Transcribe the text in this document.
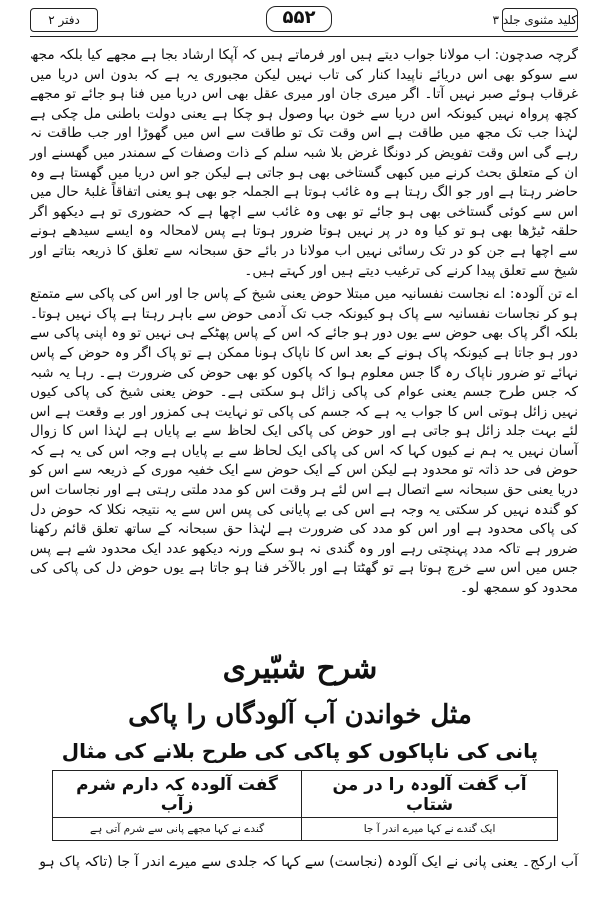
دفتر ۲	۵۵۲	کلید مثنوی جلد ۳

گرچہ صدچون: اب مولانا جواب دیتے ہیں اور فرماتے ہیں کہ آپکا ارشاد بجا ہے مجھے کیا بلکہ مجھ سے سوکو بھی اس دریائے ناپیدا کنار کی تاب نہیں لیکن مجبوری یہ ہے کہ بدون اس دریا میں غرقاب ہوئے صبر نہیں آتا۔ اگر میری جان اور میری عقل بھی اس دریا میں فنا ہو جائے تو مجھے کچھ پرواہ نہیں کیونکہ اس دریا سے خون بہا وصول ہو چکا ہے یعنی دولت باطنی مل چکی ہے لہٰذا جب تک مجھ میں طاقت ہے اس وقت تک تو طاقت سے اس میں گھوڑا اور جب طاقت نہ رہے گی اس وقت تفویض کر دونگا غرض بلا شبہ سلم کے ذات وصفات کے سمندر میں گھسنے اور ان کے متعلق بحث کرنے میں کبھی گستاخی بھی ہو جاتی ہے لیکن جو اس دریا میں گھستا ہے وہ حاضر رہتا ہے اور جو الگ رہتا ہے وہ غائب ہوتا ہے الجملہ جو بھی ہو یعنی اتفاقاً غلبۂ حال میں اس سے کوئی گستاخی بھی ہو جائے تو بھی وہ غائب سے اچھا ہے کہ حضوری تو ہے دیکھو اگر حلقہ ٹیڑھا بھی ہو تو کیا وہ در پر نہیں ہوتا ضرور ہوتا ہے پس لامحالہ وہ ایسے سیدھے ہونے سے اچھا ہے جن کو در تک رسائی نہیں اب مولانا در بائے حق سبحانہ سے تعلق کا ذریعہ بتاتے اور شیخ سے تعلق پیدا کرنے کی ترغیب دیتے ہیں اور کہتے ہیں۔

اے تن آلودہ: اے نجاست نفسانیہ میں مبتلا حوض یعنی شیخ کے پاس جا اور اس کی پاکی سے متمتع ہو کر نجاسات نفسانیہ سے پاک ہو کیونکہ جب تک آدمی حوض سے باہر رہتا ہے پاک نہیں ہوتا۔ بلکہ اگر پاک بھی حوض سے یوں دور ہو جائے کہ اس کے پاس پھٹکے ہی نہیں تو وہ اپنی پاکی سے دور ہو جاتا ہے کیونکہ پاک ہونے کے بعد اس کا ناپاک ہونا ممکن ہے تو پاک اگر وہ حوض کے پاس نہائے تو ضرور ناپاک رہ گا جس معلوم ہوا کہ پاکوں کو بھی حوض کی ضرورت ہے۔ رہا یہ شبہ کہ جس طرح جسم یعنی عوام کی پاکی زائل ہو سکتی ہے۔ حوض یعنی شیخ کی پاکی کیوں نہیں زائل ہوتی اس کا جواب یہ ہے کہ جسم کی پاکی تو نہایت ہی کمزور اور بے وقعت ہے اس لئے بہت جلد زائل ہو جاتی ہے اور حوض کی پاکی ایک لحاظ سے بے پایاں ہے لہٰذا اس کا زوال آسان نہیں یہ ہم نے کیوں کہا کہ اس کی پاکی ایک لحاظ سے بے پایاں ہے وجہ اس کی یہ ہے کہ حوض فی حد ذاتہ تو محدود ہے لیکن اس کے ایک حوض سے ایک خفیہ موری کے ذریعہ سے اس کو دریا یعنی حق سبحانہ سے اتصال ہے اس لئے ہر وقت اس کو مدد ملتی رہتی ہے اور نجاسات اس کو گندہ نہیں کر سکتی یہ وجہ ہے اس کی بے پایانی کی پس اس سے یہ نتیجہ نکلا کہ حوض دل کی پاکی محدود ہے اور اس کو مدد کی ضرورت ہے لہٰذا حق سبحانہ کے ساتھ تعلق قائم رکھنا ضرور ہے تاکہ مدد پہنچتی رہے اور وہ گندی نہ ہو سکے ورنہ دیکھو عدد ایک محدود شے ہے پس جس میں اس سے خرچ ہوتا ہے تو گھٹتا ہے اور بالآخر فنا ہو جاتا ہے یوں حوض دل کی پاکی کی محدود کو سمجھ لو۔

شرح شبّیری
مثل خواندن آب آلودگاں را پاکی
پانی کی ناپاکوں کو پاکی کی طرح بلانے کی مثال
آب گفت آلودہ را در من شتاب	گفت آلودہ کہ دارم شرم زآب
ایک گندے نے کہا میرے اندر آ جا	گندے نے کہا مجھے پانی سے شرم آتی ہے
آب ارکج۔ یعنی پانی نے ایک آلودہ (نجاست) سے کہا کہ جلدی سے میرے اندر آ جا (تاکہ پاک ہو
